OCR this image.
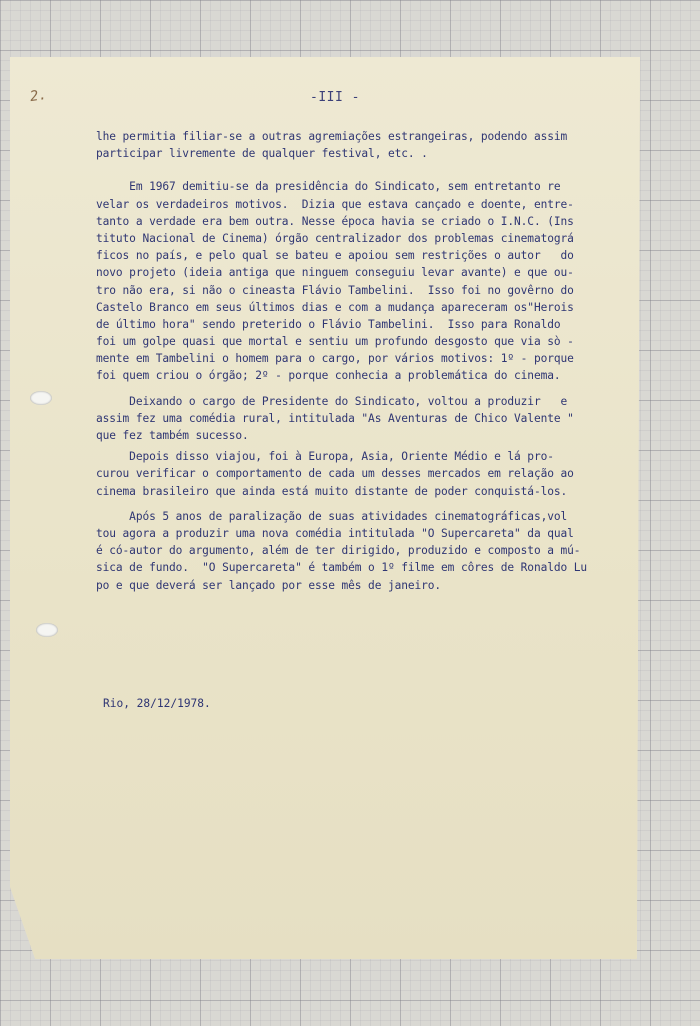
2.	-III -
lhe permitia filiar-se a outras agremiações estrangeiras, podendo assim
participar livremente de qualquer festival, etc. .
Em 1967 demitiu-se da presidência do Sindicato, sem entretanto re
velar os verdadeiros motivos.  Dizia que estava cançado e doente, entre-
tanto a verdade era bem outra. Nesse época havia se criado o I.N.C. (Ins
tituto Nacional de Cinema) órgão centralizador dos problemas cinematográ
ficos no país, e pelo qual se bateu e apoiou sem restrições o autor   do
novo projeto (ideia antiga que ninguem conseguiu levar avante) e que ou-
tro não era, si não o cineasta Flávio Tambelini.  Isso foi no govêrno do
Castelo Branco em seus últimos dias e com a mudança apareceram os"Herois
de último hora" sendo preterido o Flávio Tambelini.  Isso para Ronaldo
foi um golpe quasi que mortal e sentiu um profundo desgosto que via sò -
mente em Tambelini o homem para o cargo, por vários motivos: 1º - porque
foi quem criou o órgão; 2º - porque conhecia a problemática do cinema.
Deixando o cargo de Presidente do Sindicato, voltou a produzir   e
assim fez uma comédia rural, intitulada "As Aventuras de Chico Valente "
que fez também sucesso.
Depois disso viajou, foi à Europa, Asia, Oriente Médio e lá pro-
curou verificar o comportamento de cada um desses mercados em relação ao
cinema brasileiro que ainda está muito distante de poder conquistá-los.
Após 5 anos de paralização de suas atividades cinematográficas,vol
tou agora a produzir uma nova comédia intitulada "O Supercareta" da qual
é có-autor do argumento, além de ter dirigido, produzido e composto a mú-
sica de fundo.  "O Supercareta" é também o 1º filme em côres de Ronaldo Lu
po e que deverá ser lançado por esse mês de janeiro.
Rio, 28/12/1978.
